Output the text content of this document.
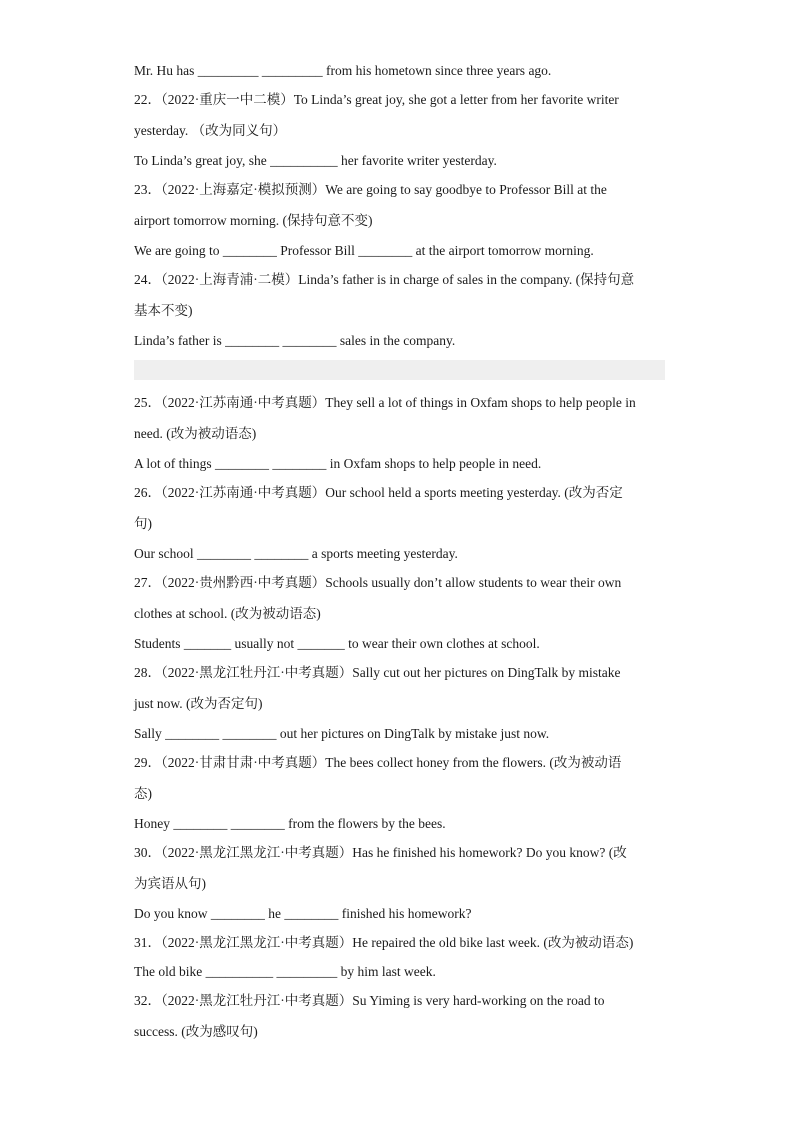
Mr. Hu has _________ _________ from his hometown since three years ago.
22．（2022·重庆一中二模）To Linda’s great joy, she got a letter from her favorite writer
yesterday. （改为同义句）
To Linda’s great joy, she __________ her favorite writer yesterday.
23．（2022·上海嘉定·模拟预测）We are going to say goodbye to Professor Bill at the
airport tomorrow morning. (保持句意不变)
We are going to ________ Professor Bill ________ at the airport tomorrow morning.
24．（2022·上海青浦·二模）Linda’s father is in charge of sales in the company. (保持句意
基本不变)
Linda’s father is ________ ________ sales in the company.
25．（2022·江苏南通·中考真题）They sell a lot of things in Oxfam shops to help people in
need. (改为被动语态)
A lot of things ________ ________ in Oxfam shops to help people in need.
26．（2022·江苏南通·中考真题）Our school held a sports meeting yesterday. (改为否定
句)
Our school ________ ________ a sports meeting yesterday.
27．（2022·贵州黔西·中考真题）Schools usually don’t allow students to wear their own
clothes at school. (改为被动语态)
Students _______ usually not _______ to wear their own clothes at school.
28．（2022·黑龙江牡丹江·中考真题）Sally cut out her pictures on DingTalk by mistake
just now. (改为否定句)
Sally ________ ________ out her pictures on DingTalk by mistake just now.
29．（2022·甘肃甘肃·中考真题）The bees collect honey from the flowers. (改为被动语
态)
Honey ________ ________ from the flowers by the bees.
30．（2022·黑龙江黑龙江·中考真题）Has he finished his homework? Do you know? (改
为宾语从句)
Do you know ________ he ________ finished his homework?
31．（2022·黑龙江黑龙江·中考真题）He repaired the old bike last week. (改为被动语态)
The old bike __________ _________ by him last week.
32．（2022·黑龙江牡丹江·中考真题）Su Yiming is very hard-working on the road to
success. (改为感叹句)
